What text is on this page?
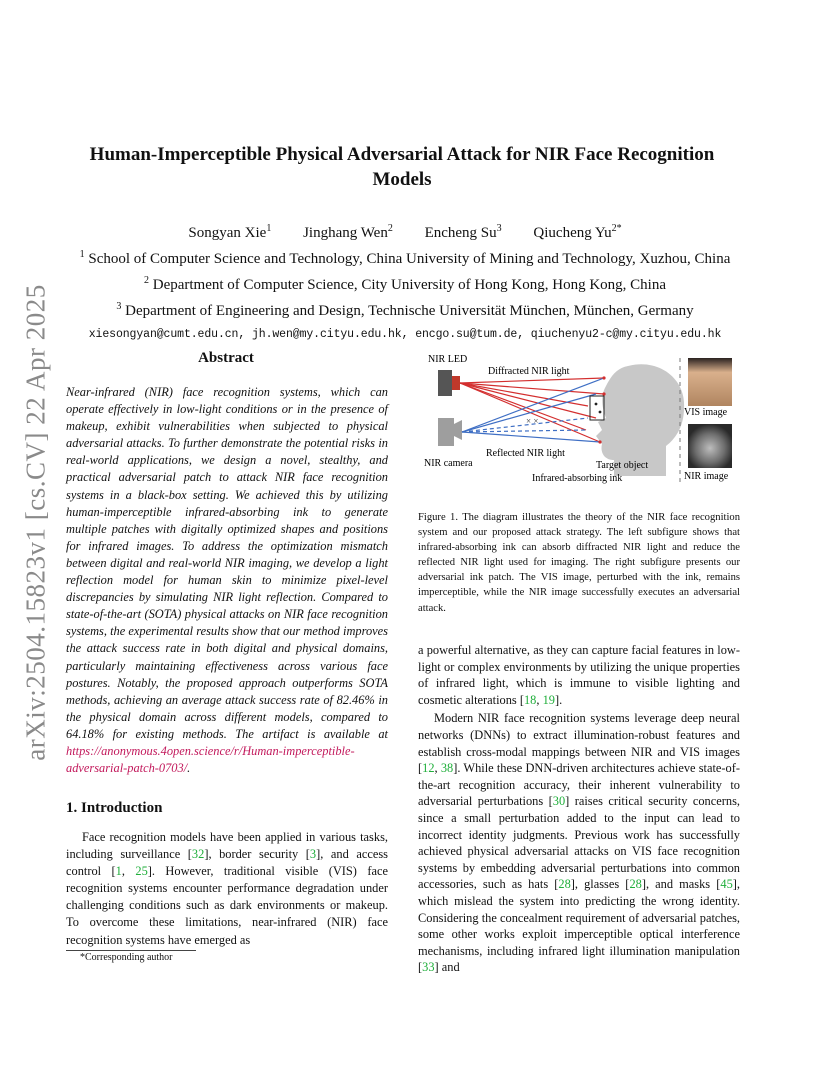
arXiv:2504.15823v1 [cs.CV] 22 Apr 2025
Human-Imperceptible Physical Adversarial Attack for NIR Face Recognition
Models
Songyan Xie$^1$ Jinghang Wen$^2$ Encheng Su$^3$ Qiucheng $Yu^{2*}$
$^1$ School of Computer Science and Technology, China University of Mining and Technology, Xuzhou, China
$^2$ Department of Computer Science, City University of Hong Kong, Hong Kong, China
$^3$ Department of Engineering and Design, Technische Universität München, München, Germany
xiesongyan@cumt.edu.cn, jh.wen@my.cityu.edu.hk, encgo.su@tum.de, qiuchenyu2-c@my.cityu.edu.hk
Abstract
Near-infrared (NIR) face recognition systems, which can operate effectively in low-light conditions or in the presence of makeup, exhibit vulnerabilities when subjected to physical adversarial attacks. To further demonstrate the potential risks in real-world applications, we design a novel, stealthy, and practical adversarial patch to attack NIR face recognition systems in a black-box setting. We achieved this by utilizing human-imperceptible infrared-absorbing ink to generate multiple patches with digitally optimized shapes and positions for infrared images. To address the optimization mismatch between digital and real-world NIR imaging, we develop a light reflection model for human skin to minimize pixel-level discrepancies by simulating NIR light reflection. Compared to state-of-the-art (SOTA) physical attacks on NIR face recognition systems, the experimental results show that our method improves the attack success rate in both digital and physical domains, particularly maintaining effectiveness across various face postures. Notably, the proposed approach outperforms SOTA methods, achieving an average attack success rate of 82.46% in the physical domain across different models, compared to 64.18% for existing methods. The artifact is available at https://anonymous.4open.science/r/Human-imperceptible-adversarial-patch-0703/.
1. Introduction
Face recognition models have been applied in various tasks, including surveillance [32], border security [3], and access control [1, 25]. However, traditional visible (VIS) face recognition systems encounter performance degradation under challenging conditions such as dark environments or makeup. To overcome these limitations, near-infrared (NIR) face recognition systems have emerged as
*Corresponding author
NIR LED
NIR camera
Diffracted NIR light
× ×
Reflected NIR light
Target object
Infrared-absorbing ink
VIS image
NIR image
Figure 1. The diagram illustrates the theory of the NIR face recognition system and our proposed attack strategy. The left subfigure shows that infrared-absorbing ink can absorb diffracted NIR light and reduce the reflected NIR light used for imaging. The right subfigure presents our adversarial ink patch. The VIS image, perturbed with the ink, remains imperceptible, while the NIR image successfully executes an adversarial attack.

a powerful alternative, as they can capture facial features in low-light or complex environments by utilizing the unique properties of infrared light, which is immune to visible lighting and cosmetic alterations [18, 19].

Modern NIR face recognition systems leverage deep neural networks (DNNs) to extract illumination-robust features and establish cross-modal mappings between NIR and VIS images [12, 38]. While these DNN-driven architectures achieve state-of-the-art recognition accuracy, their inherent vulnerability to adversarial perturbations [30] raises critical security concerns, since a small perturbation added to the input can lead to incorrect identity judgments. Previous work has successfully achieved physical adversarial attacks on VIS face recognition systems by embedding adversarial perturbations into common accessories, such as hats [28], glasses [28], and masks [45], which mislead the system into predicting the wrong identity. Considering the concealment requirement of adversarial patches, some other works exploit imperceptible optical interference mechanisms, including infrared light illumination manipulation [33] and
